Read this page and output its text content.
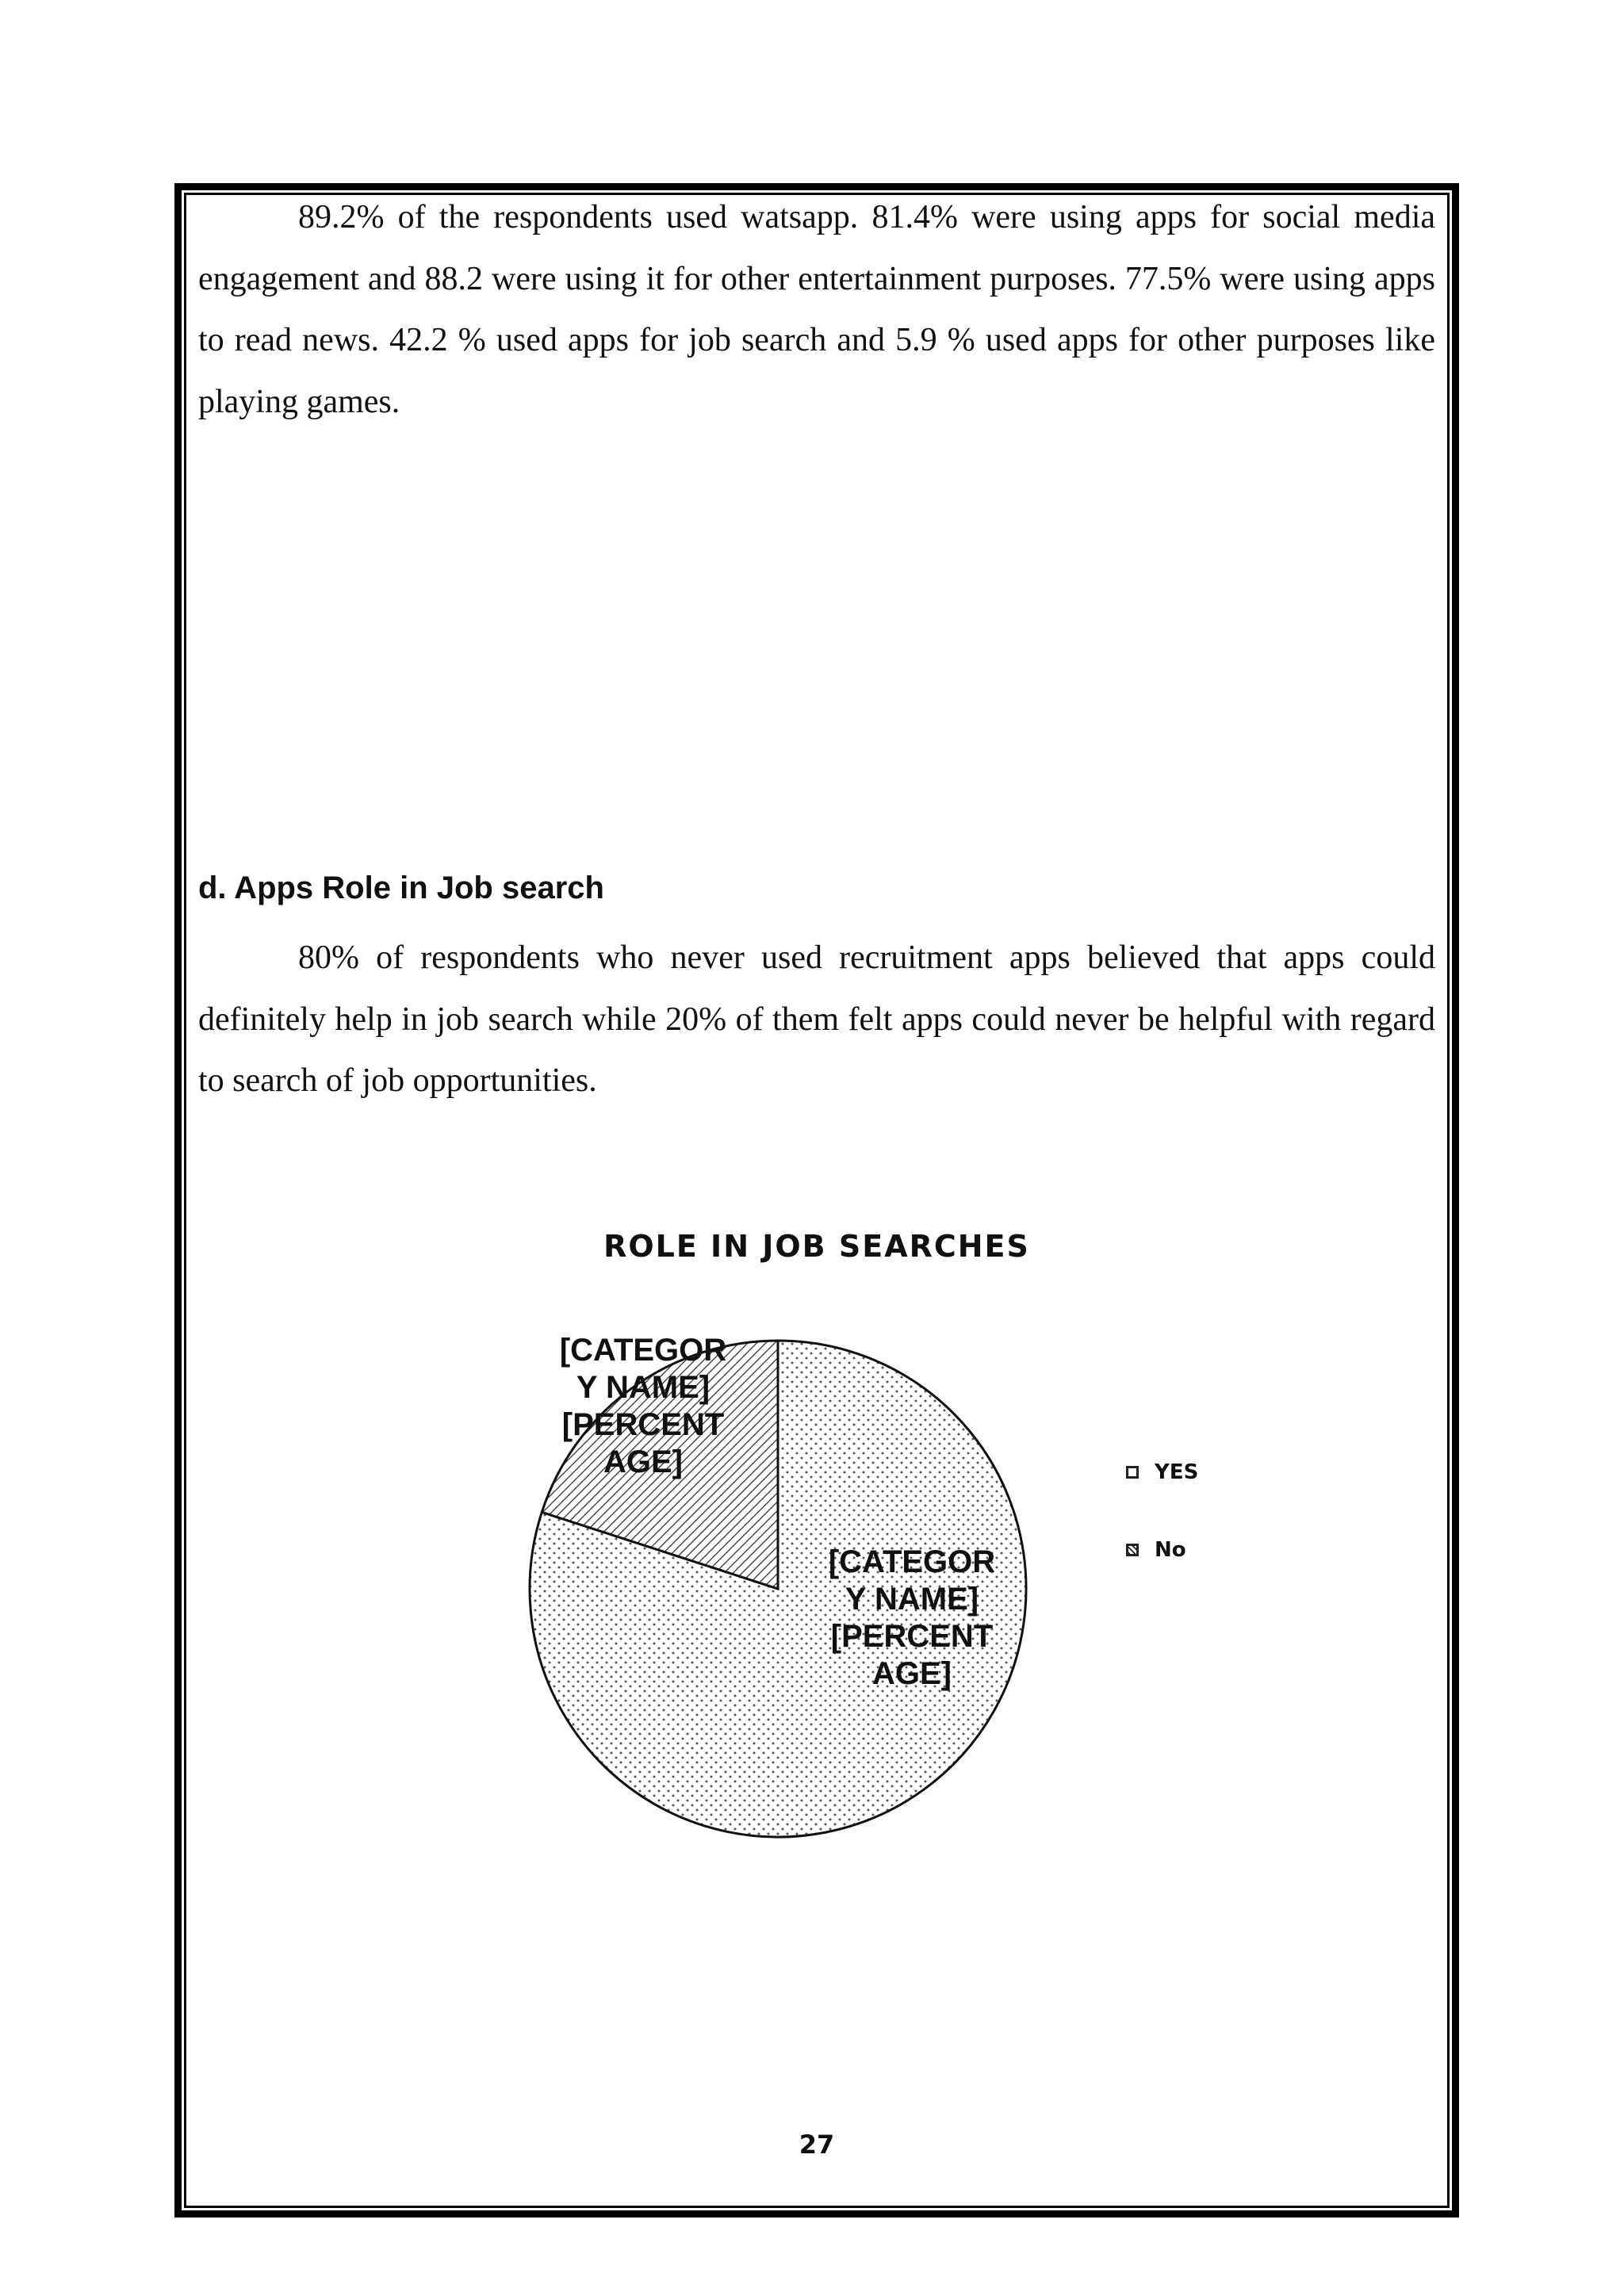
89.2% of the respondents used watsapp. 81.4% were using apps for social media engagement and 88.2 were using it for other entertainment purposes. 77.5% were using apps to read news. 42.2 % used apps for job search and 5.9 % used apps for other purposes like playing games.

d. Apps Role in Job search

80% of respondents who never used recruitment apps believed that apps could definitely help in job search while 20% of them felt apps could never be helpful with regard to search of job opportunities.

ROLE IN JOB SEARCHES
[CATEGOR Y NAME] [PERCENT AGE]
[CATEGOR Y NAME] [PERCENT AGE]	YES
No
27
